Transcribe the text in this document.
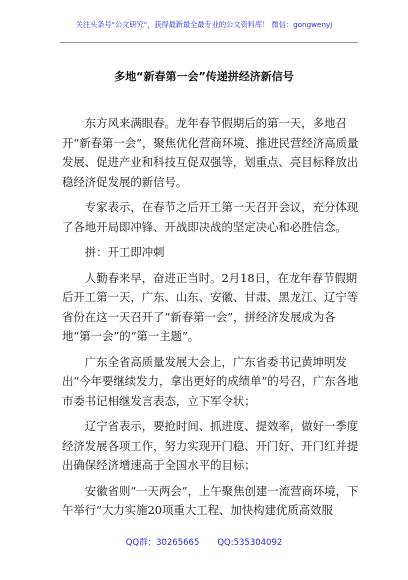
关注头条号"公文研究"，获得最新最全最专业的公文资料库！ 微信：gongwenyj
多地“新春第一会”传递拼经济新信号

东方风来满眼春。龙年春节假期后的第一天，多地召开“新春第一会”，聚焦优化营商环境、推进民营经济高质量发展、促进产业和科技互促双强等，划重点、亮目标释放出稳经济促发展的新信号。

专家表示，在春节之后开工第一天召开会议，充分体现了各地开局即冲锋、开战即决战的坚定决心和必胜信念。

拼：开工即冲刺

人勤春来早，奋进正当时。2月18日，在龙年春节假期后开工第一天，广东、山东、安徽、甘肃、黑龙江、辽宁等省份在这一天召开了“新春第一会”，拼经济发展成为各地“第一会”的“第一主题”。

广东全省高质量发展大会上，广东省委书记黄坤明发出“今年要继续发力，拿出更好的成绩单”的号召，广东各地市委书记相继发言表态，立下军令状；

辽宁省表示，要抢时间、抓进度、提效率，做好一季度经济发展各项工作，努力实现开门稳、开门好、开门红并提出确保经济增速高于全国水平的目标；

安徽省则“一天两会”，上午聚焦创建一流营商环境，下午举行“大力实施20项重大工程、加快构建优质高效服

QQ群：30265665 QQ:535304092
